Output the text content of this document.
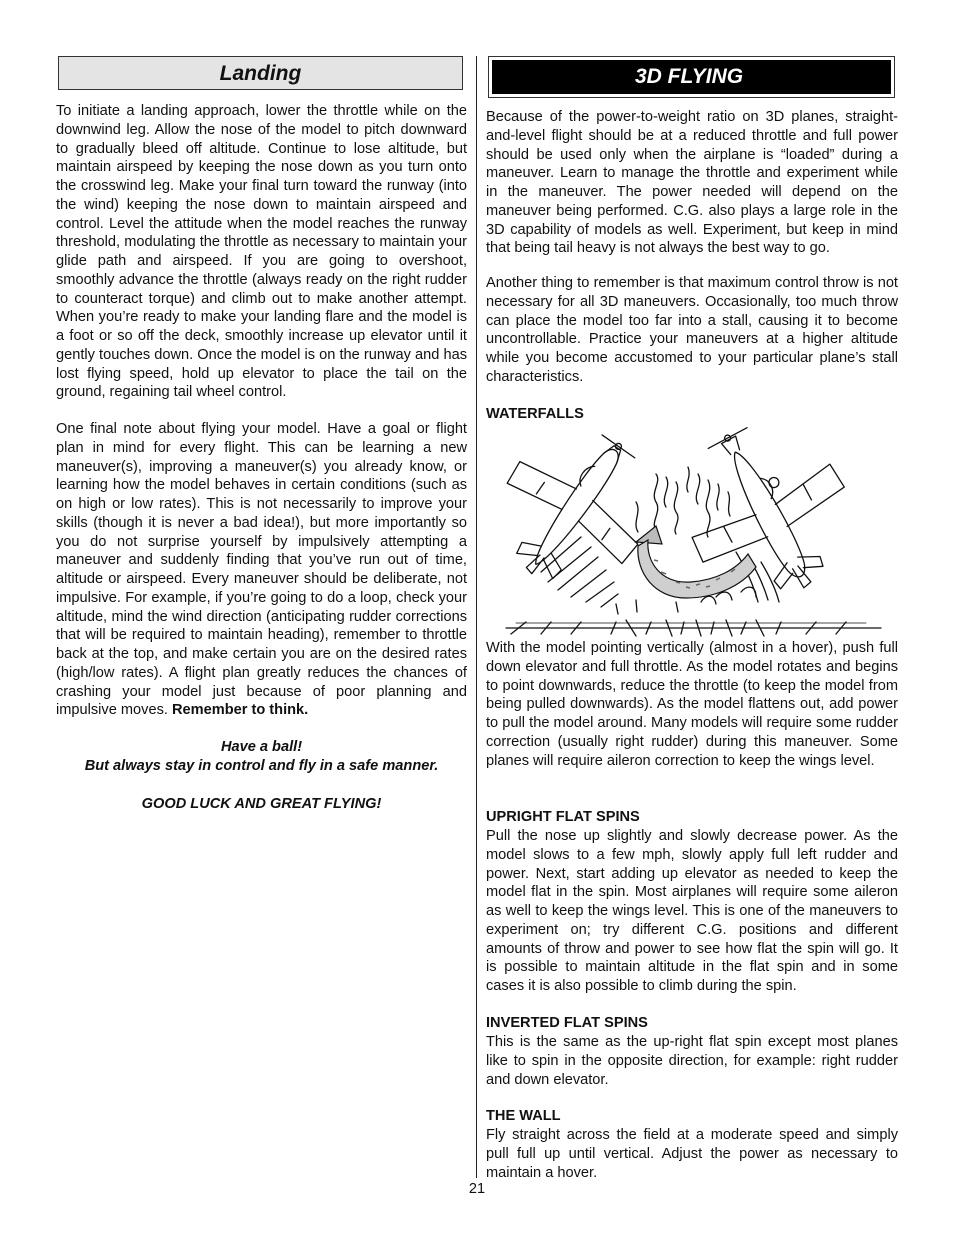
Landing	3D FLYING

To initiate a landing approach, lower the throttle while on the downwind leg. Allow the nose of the model to pitch downward to gradually bleed off altitude. Continue to lose altitude, but maintain airspeed by keeping the nose down as you turn onto the crosswind leg. Make your final turn toward the runway (into the wind) keeping the nose down to maintain airspeed and control. Level the attitude when the model reaches the runway threshold, modulating the throttle as necessary to maintain your glide path and airspeed. If you are going to overshoot, smoothly advance the throttle (always ready on the right rudder to counteract torque) and climb out to make another attempt. When you’re ready to make your landing flare and the model is a foot or so off the deck, smoothly increase up elevator until it gently touches down. Once the model is on the runway and has lost flying speed, hold up elevator to place the tail on the ground, regaining tail wheel control.

One final note about flying your model. Have a goal or flight plan in mind for every flight. This can be learning a new maneuver(s), improving a maneuver(s) you already know, or learning how the model behaves in certain conditions (such as on high or low rates). This is not necessarily to improve your skills (though it is never a bad idea!), but more importantly so you do not surprise yourself by impulsively attempting a maneuver and suddenly finding that you’ve run out of time, altitude or airspeed. Every maneuver should be deliberate, not impulsive. For example, if you’re going to do a loop, check your altitude, mind the wind direction (anticipating rudder corrections that will be required to maintain heading), remember to throttle back at the top, and make certain you are on the desired rates (high/low rates). A flight plan greatly reduces the chances of crashing your model just because of poor planning and impulsive moves. Remember to think.

Have a ball!

But always stay in control and fly in a safe manner.

GOOD LUCK AND GREAT FLYING!

Because of the power-to-weight ratio on 3D planes, straight-and-level flight should be at a reduced throttle and full power should be used only when the airplane is “loaded” during a maneuver. Learn to manage the throttle and experiment while in the maneuver. The power needed will depend on the maneuver being performed. C.G. also plays a large role in the 3D capability of models as well. Experiment, but keep in mind that being tail heavy is not always the best way to go.

Another thing to remember is that maximum control throw is not necessary for all 3D maneuvers. Occasionally, too much throw can place the model too far into a stall, causing it to become uncontrollable. Practice your maneuvers at a higher altitude while you become accustomed to your particular plane’s stall characteristics.

WATERFALLS

With the model pointing vertically (almost in a hover), push full down elevator and full throttle. As the model rotates and begins to point downwards, reduce the throttle (to keep the model from being pulled downwards). As the model flattens out, add power to pull the model around. Many models will require some rudder correction (usually right rudder) during this maneuver. Some planes will require aileron correction to keep the wings level.

UPRIGHT FLAT SPINS

Pull the nose up slightly and slowly decrease power. As the model slows to a few mph, slowly apply full left rudder and power. Next, start adding up elevator as needed to keep the model flat in the spin. Most airplanes will require some aileron as well to keep the wings level. This is one of the maneuvers to experiment on; try different C.G. positions and different amounts of throw and power to see how flat the spin will go. It is possible to maintain altitude in the flat spin and in some cases it is also possible to climb during the spin.

INVERTED FLAT SPINS

This is the same as the up-right flat spin except most planes like to spin in the opposite direction, for example: right rudder and down elevator.

THE WALL

Fly straight across the field at a moderate speed and simply pull full up until vertical. Adjust the power as necessary to maintain a hover.

21
